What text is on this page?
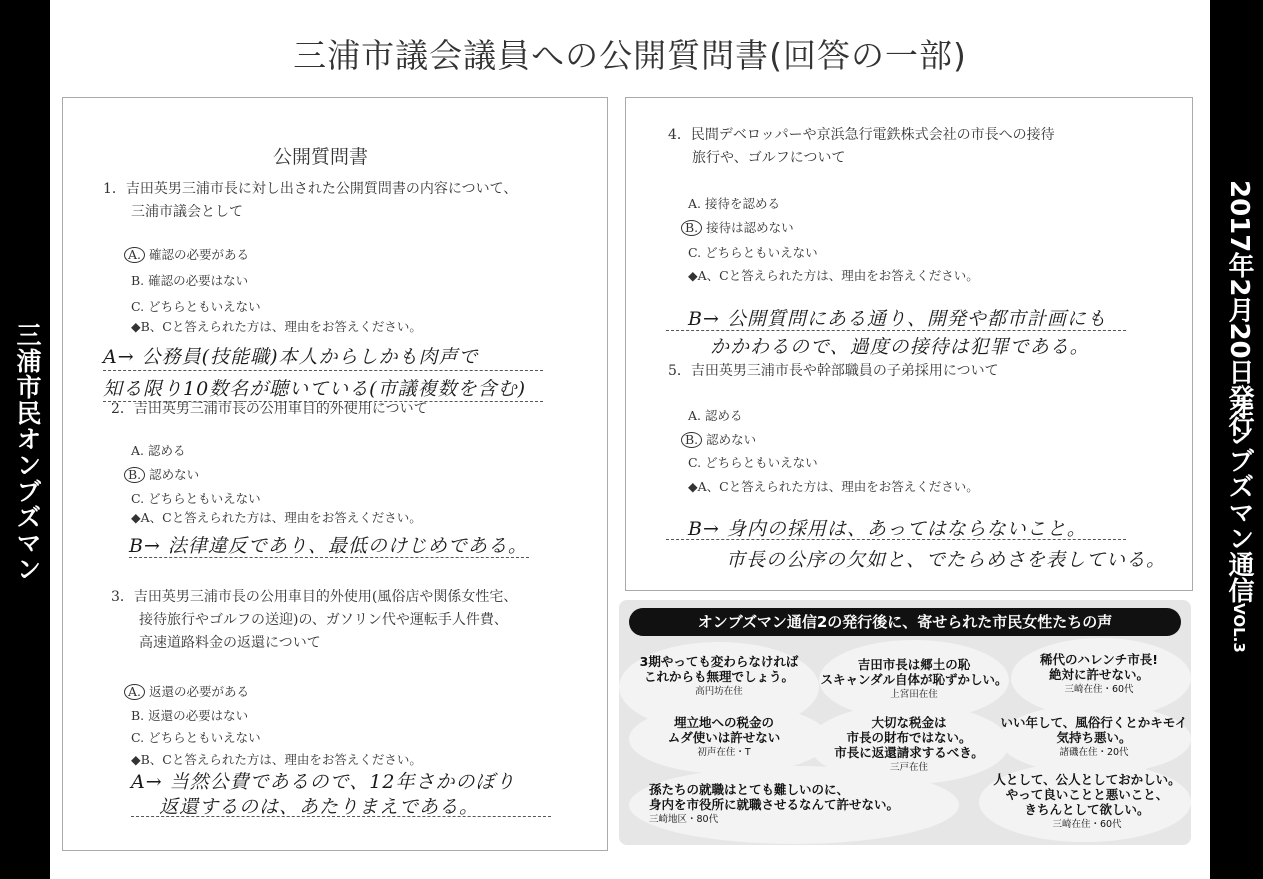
三浦市民オンブズマン
2017年2月20日発行
オンブズマン通信VOL.3
三浦市議会議員への公開質問書(回答の一部)
公開質問書
1．吉田英男三浦市長に対し出された公開質問書の内容について、
三浦市議会として
A. 確認の必要がある
B. 確認の必要はない
C. どちらともいえない
◆B、Cと答えられた方は、理由をお答えください。
A→ 公務員(技能職)本人からしかも肉声で
知る限り10数名が聴いている(市議複数を含む)
2．吉田英男三浦市長の公用車目的外使用について
A. 認める
B. 認めない
C. どちらともいえない
◆A、Cと答えられた方は、理由をお答えください。
B→ 法律違反であり、最低のけじめである。
3．吉田英男三浦市長の公用車目的外使用(風俗店や関係女性宅、
接待旅行やゴルフの送迎)の、ガソリン代や運転手人件費、
高速道路料金の返還について
A. 返還の必要がある
B. 返還の必要はない
C. どちらともいえない
◆B、Cと答えられた方は、理由をお答えください。
A→ 当然公費であるので、12年さかのぼり
返還するのは、あたりまえである。
4．民間デベロッパーや京浜急行電鉄株式会社の市長への接待
旅行や、ゴルフについて
A. 接待を認める
B. 接待は認めない
C. どちらともいえない
◆A、Cと答えられた方は、理由をお答えください。
B→ 公開質問にある通り、開発や都市計画にも
かかわるので、過度の接待は犯罪である。
5．吉田英男三浦市長や幹部職員の子弟採用について
A. 認める
B. 認めない
C. どちらともいえない
◆A、Cと答えられた方は、理由をお答えください。
B→ 身内の採用は、あってはならないこと。
市長の公序の欠如と、でたらめさを表している。
オンブズマン通信2の発行後に、寄せられた市民女性たちの声
3期やっても変わらなければ
これからも無理でしょう。
高円坊在住
吉田市長は郷土の恥
スキャンダル自体が恥ずかしい。
上宮田在住
稀代のハレンチ市長!
絶対に許せない。
三崎在住・60代
埋立地への税金の
ムダ使いは許せない
初声在住・T
大切な税金は
市長の財布ではない。
市長に返還請求するべき。
三戸在住
いい年して、風俗行くとかキモイ
気持ち悪い。
諸磯在住・20代
孫たちの就職はとても難しいのに、
身内を市役所に就職させるなんて許せない。
三崎地区・80代
人として、公人としておかしい。
やって良いことと悪いこと、
きちんとして欲しい。
三崎在住・60代
